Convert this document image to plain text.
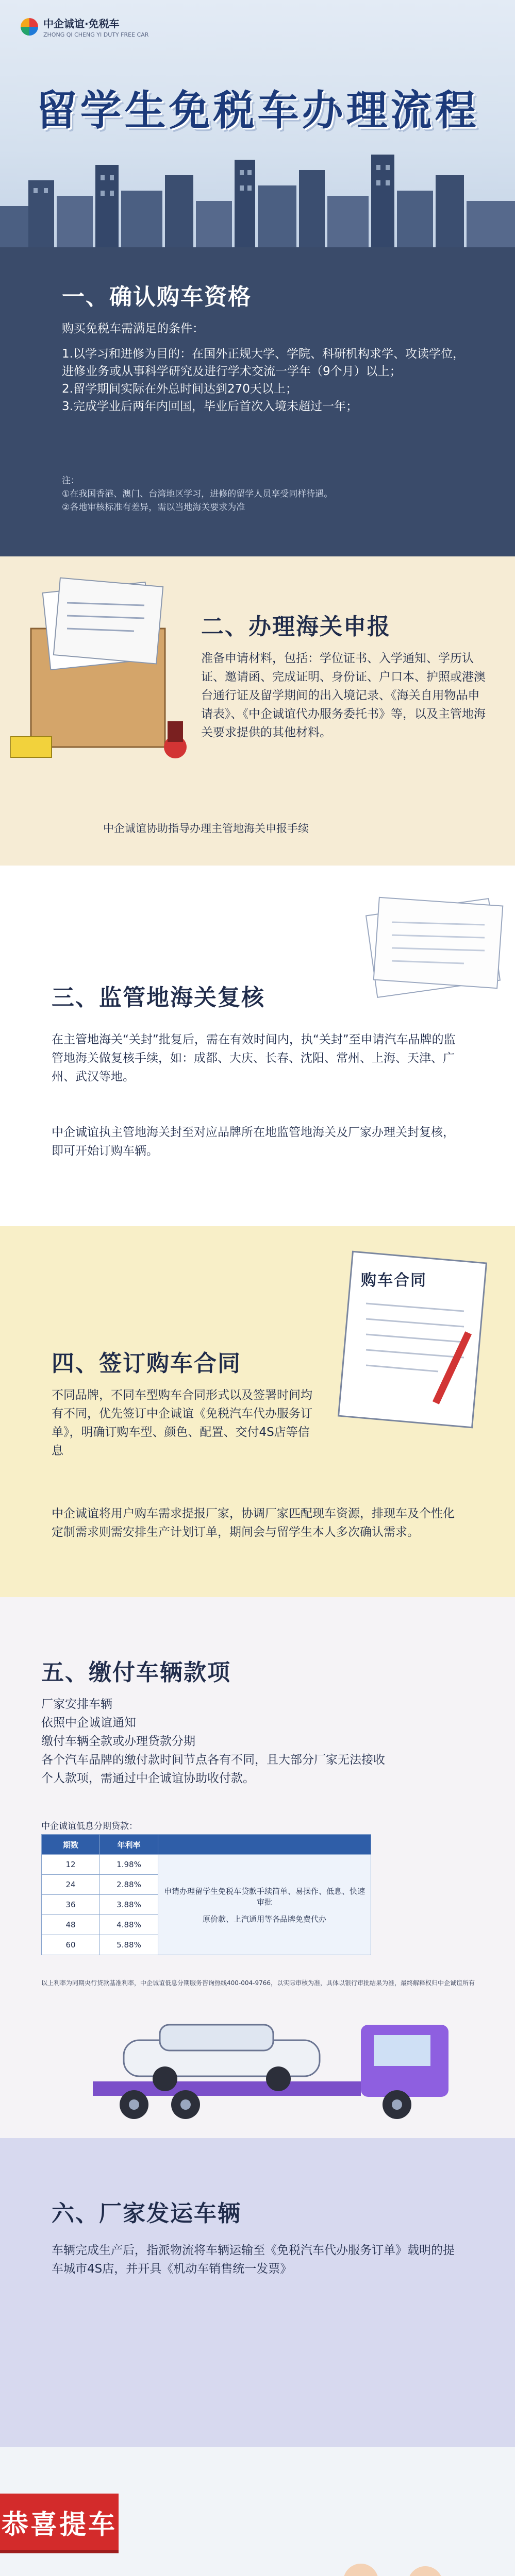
中企诚谊·免税车
ZHONG QI CHENG YI DUTY FREE CAR
留学生免税车办理流程
一、确认购车资格
购买免税车需满足的条件：

1.以学习和进修为目的：在国外正规大学、学院、科研机构求学、攻读学位，进修业务或从事科学研究及进行学术交流一学年（9个月）以上；

2.留学期间实际在外总时间达到270天以上；

3.完成学业后两年内回国，毕业后首次入境未超过一年；

注：

①在我国香港、澳门、台湾地区学习，进修的留学人员享受同样待遇。

②各地审核标准有差异，需以当地海关要求为准

二、办理海关申报
准备申请材料，包括：学位证书、入学通知、学历认证、邀请函、完成证明、身份证、户口本、护照或港澳台通行证及留学期间的出入境记录、《海关自用物品申请表》、《中企诚谊代办服务委托书》等，以及主管地海关要求提供的其他材料。
中企诚谊协助指导办理主管地海关申报手续
三、监管地海关复核
在主管地海关“关封”批复后，需在有效时间内，执“关封”至申请汽车品牌的监管地海关做复核手续，如：成都、大庆、长春、沈阳、常州、上海、天津、广州、武汉等地。
中企诚谊执主管地海关封至对应品牌所在地监管地海关及厂家办理关封复核，即可开始订购车辆。
购车合同
四、签订购车合同
不同品牌，不同车型购车合同形式以及签署时间均有不同，优先签订中企诚谊《免税汽车代办服务订单》，明确订购车型、颜色、配置、交付4S店等信息
中企诚谊将用户购车需求提报厂家，协调厂家匹配现车资源，排现车及个性化定制需求则需安排生产计划订单，期间会与留学生本人多次确认需求。
五、缴付车辆款项
厂家安排车辆
依照中企诚谊通知
缴付车辆全款或办理贷款分期
各个汽车品牌的缴付款时间节点各有不同，且大部分厂家无法接收个人款项，需通过中企诚谊协助收付款。
中企诚谊低息分期贷款：
期数	年利率	
12	1.98%	申请办理留学生免税车贷款手续简单、易操作、低息、快速审批
原价款、上汽通用等各品牌免费代办

24	2.88%	
36	3.88%	
48	4.88%	
60	5.88%	
以上利率为同期央行贷款基准利率，中企诚谊低息分期服务咨询热线400-004-9766，以实际审核为准，具体以银行审批结果为准，最终解释权归中企诚谊所有
六、厂家发运车辆
车辆完成生产后，指派物流将车辆运输至《免税汽车代办服务订单》载明的提车城市4S店，并开具《机动车销售统一发票》
恭喜提车
